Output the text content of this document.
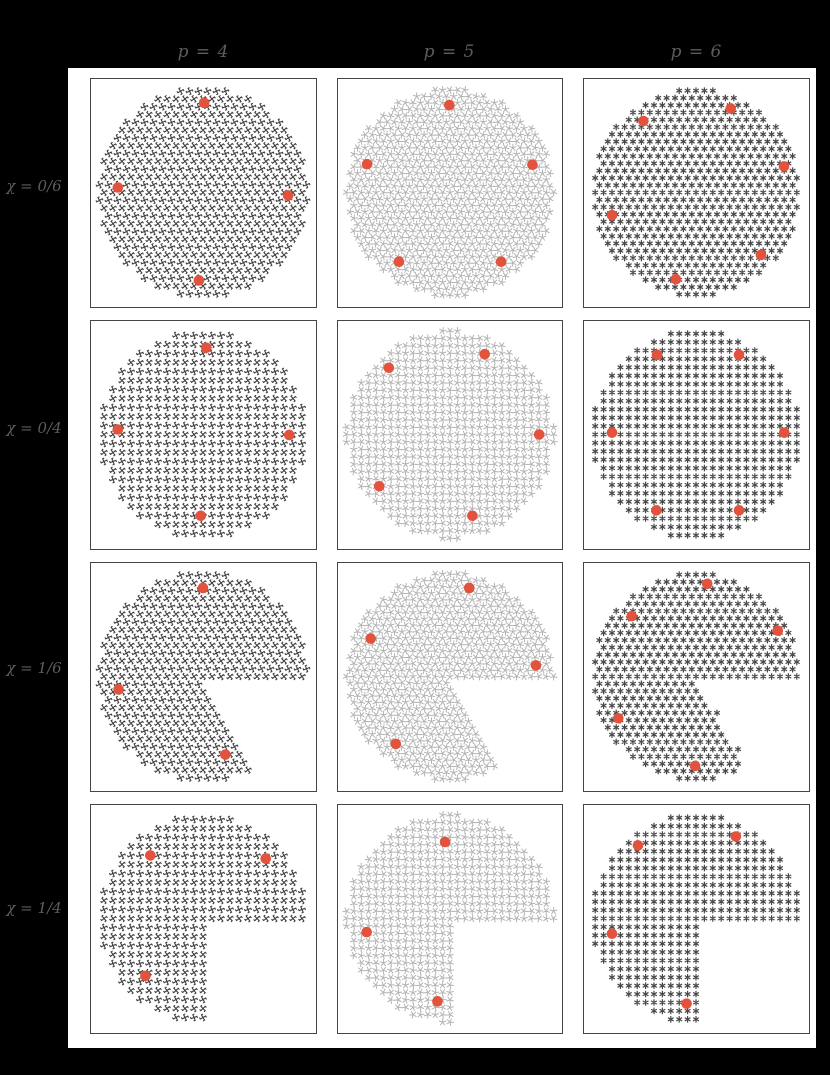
p = 4	p = 5	p = 6
χ = 0/6
χ = 0/4
χ = 1/6
χ = 1/4
